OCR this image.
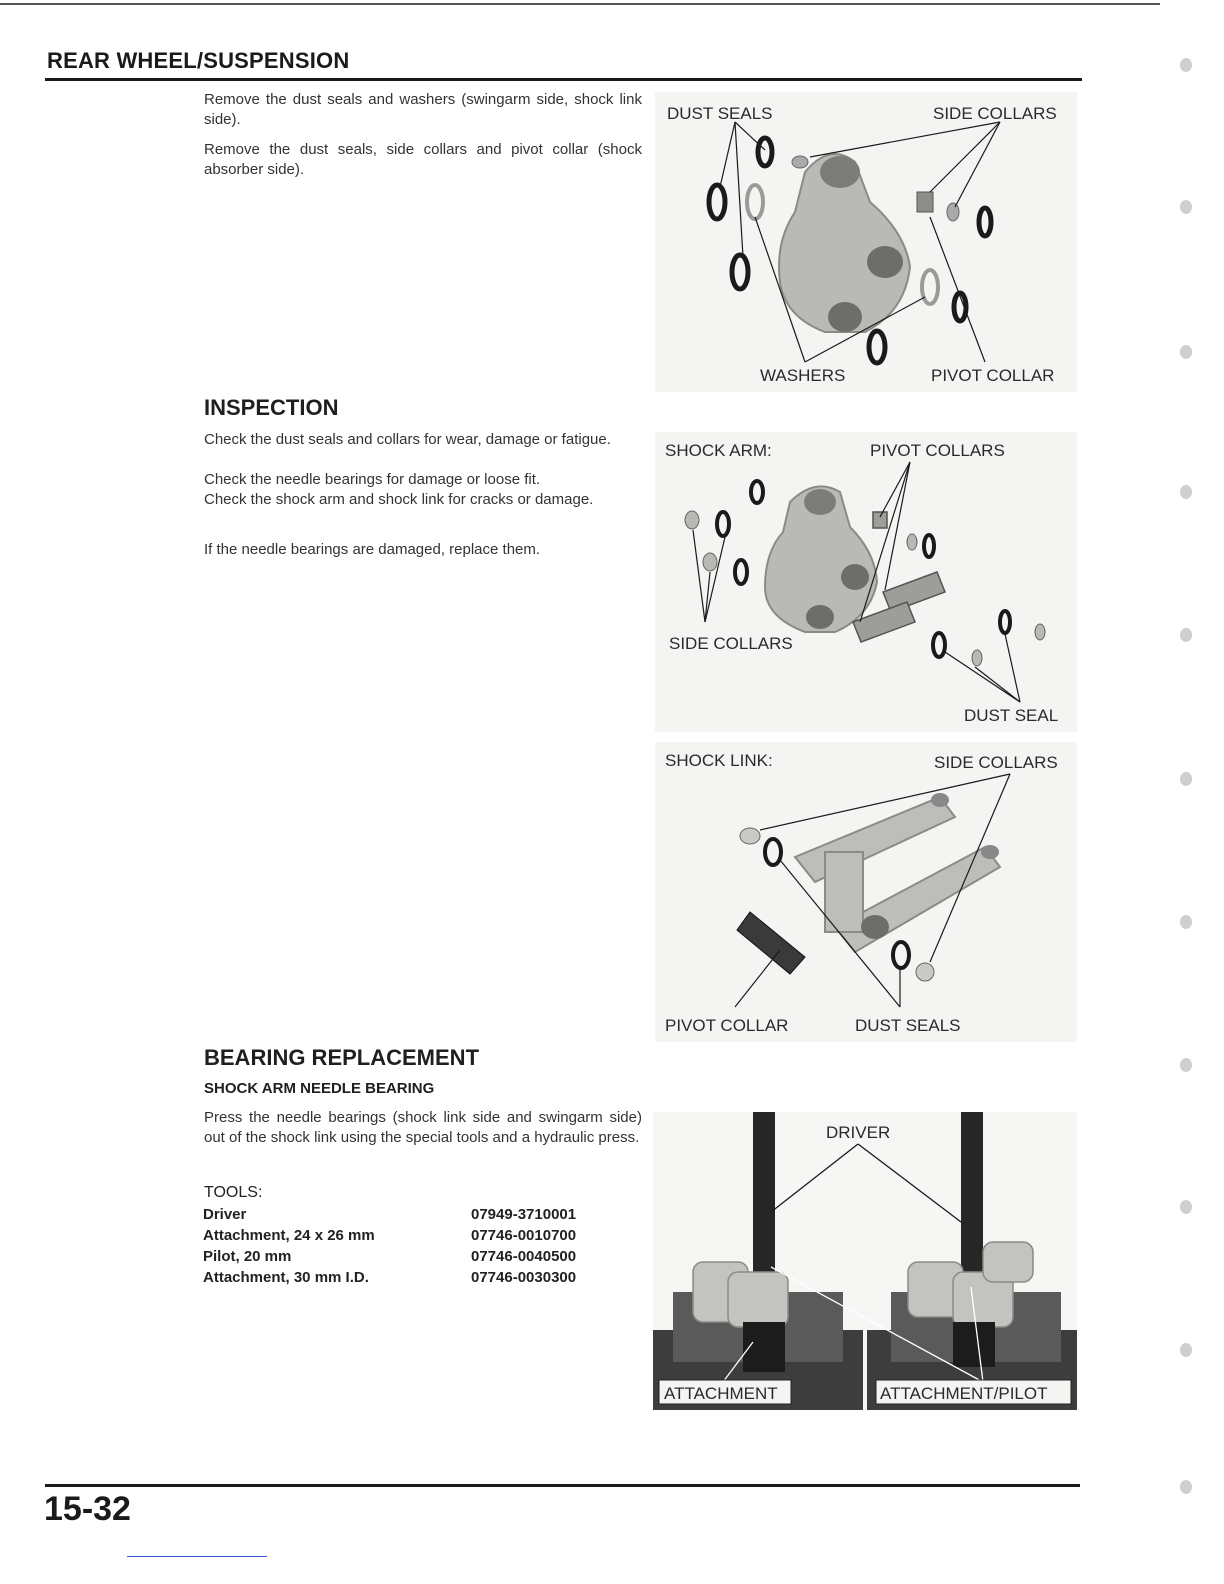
REAR WHEEL/SUSPENSION
Remove the dust seals and washers (swingarm side, shock link side).
Remove the dust seals, side collars and pivot collar (shock absorber side).
INSPECTION
Check the dust seals and collars for wear, damage or fatigue.
Check the needle bearings for damage or loose fit.
Check the shock arm and shock link for cracks or damage.
If the needle bearings are damaged, replace them.
BEARING REPLACEMENT
SHOCK ARM NEEDLE BEARING
Press the needle bearings (shock link side and swingarm side) out of the shock link using the special tools and a hydraulic press.
TOOLS:
Driver	07949-3710001
Attachment, 24 x 26 mm	07746-0010700
Pilot, 20 mm	07746-0040500
Attachment, 30 mm I.D.	07746-0030300
DUST SEALS	SIDE COLLARS
WASHERS	PIVOT COLLAR
SHOCK ARM:	PIVOT COLLARS
SIDE COLLARS
DUST SEAL
SHOCK LINK:	SIDE COLLARS
PIVOT COLLAR	DUST SEALS
DRIVER
ATTACHMENT	ATTACHMENT/PILOT
15-32
